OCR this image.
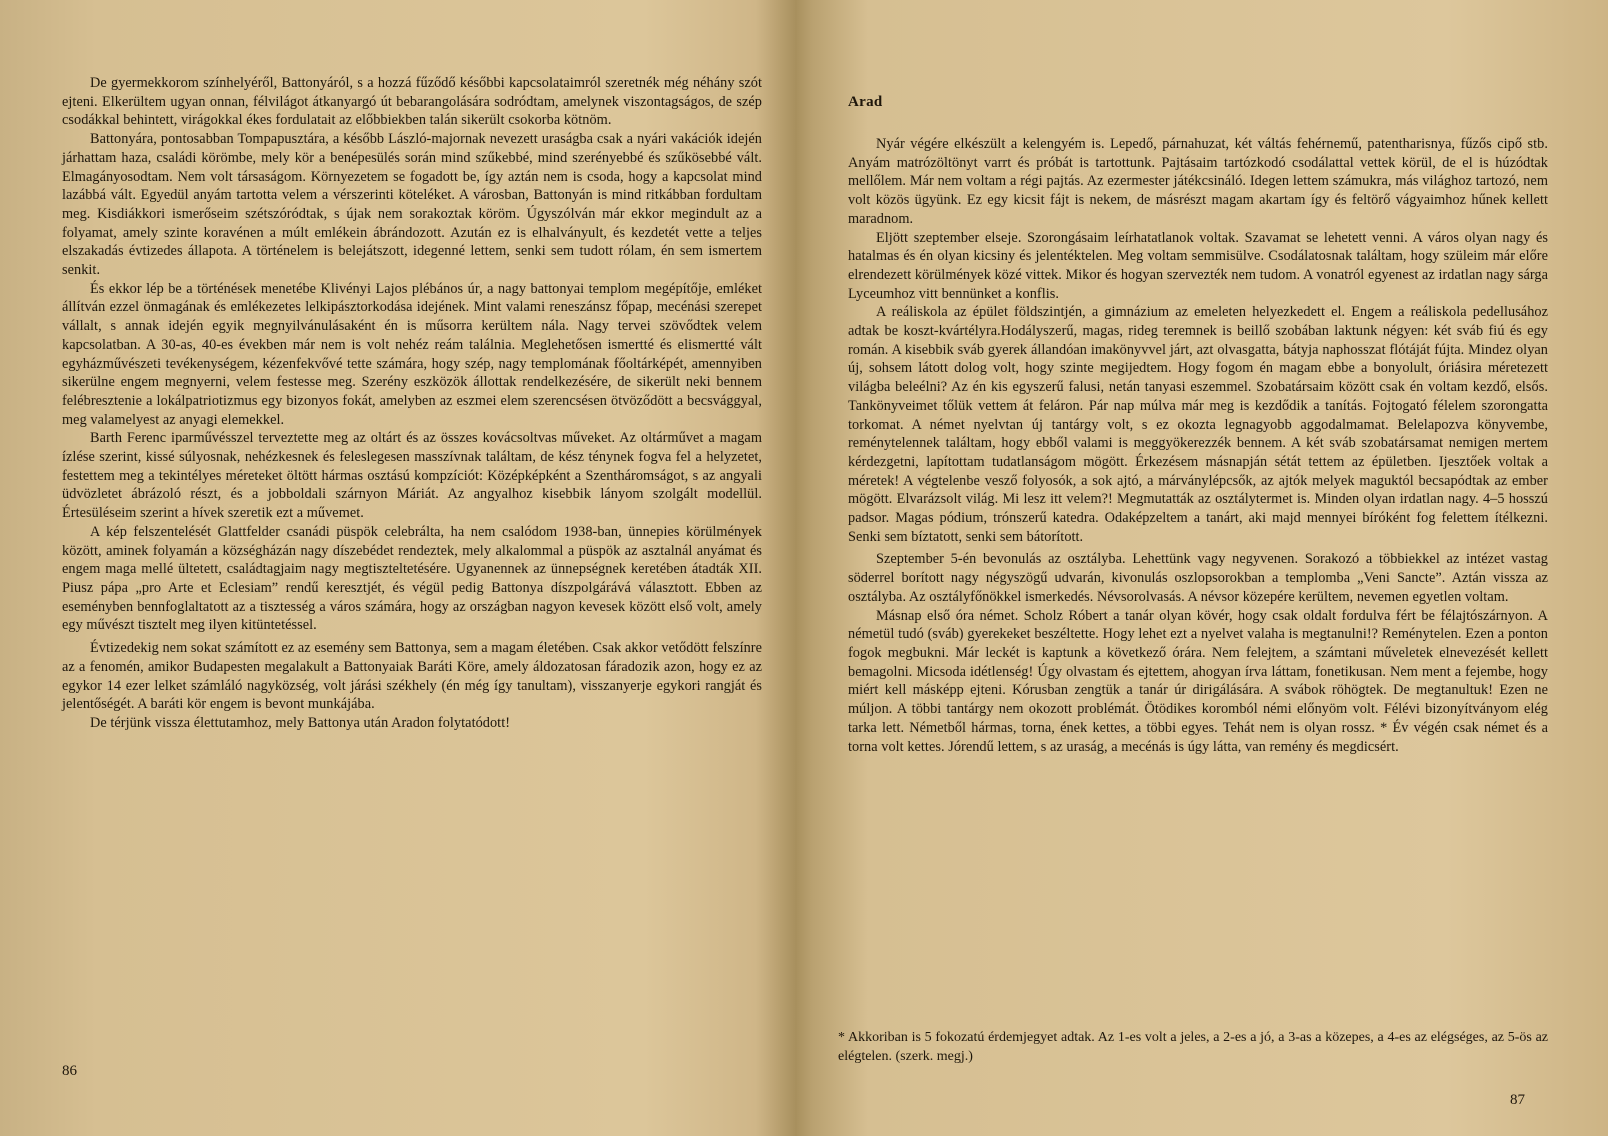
De gyermekkorom színhelyéről, Battonyáról, s a hozzá fűződő későbbi kapcsolataimról szeretnék még néhány szót ejteni. Elkerültem ugyan onnan, félvilágot átkanyargó út bebarangolására sodródtam, amelynek viszontagságos, de szép csodákkal behintett, virágokkal ékes fordulatait az előbbiekben talán sikerült csokorba kötnöm.

Battonyára, pontosabban Tompapusztára, a később László-majornak nevezett uraságba csak a nyári vakációk idején járhattam haza, családi körömbe, mely kör a benépesülés során mind szűkebbé, mind szerényebbé és szűkösebbé vált. Elmagányosodtam. Nem volt társaságom. Környezetem se fogadott be, így aztán nem is csoda, hogy a kapcsolat mind lazábbá vált. Egyedül anyám tartotta velem a vérszerinti köteléket. A városban, Battonyán is mind ritkábban fordultam meg. Kisdiákkori ismerőseim szétszóródtak, s újak nem sorakoztak köröm. Úgyszólván már ekkor megindult az a folyamat, amely szinte koravénen a múlt emlékein ábrándozott. Azután ez is elhalványult, és kezdetét vette a teljes elszakadás évtizedes állapota. A történelem is belejátszott, idegenné lettem, senki sem tudott rólam, én sem ismertem senkit.

És ekkor lép be a történések menetébe Klivényi Lajos plébános úr, a nagy battonyai templom megépítője, emléket állítván ezzel önmagának és emlékezetes lelkipásztorkodása idejének. Mint valami reneszánsz főpap, mecénási szerepet vállalt, s annak idején egyik megnyilvánulásaként én is műsorra kerültem nála. Nagy tervei szövődtek velem kapcsolatban. A 30-as, 40-es években már nem is volt nehéz reám találnia. Meglehetősen ismertté és elismertté vált egyházművészeti tevékenységem, kézenfekvővé tette számára, hogy szép, nagy templomának főoltárképét, amennyiben sikerülne engem megnyerni, velem festesse meg. Szerény eszközök állottak rendelkezésére, de sikerült neki bennem felébresztenie a lokálpatriotizmus egy bizonyos fokát, amelyben az eszmei elem szerencsésen ötvöződött a becsvággyal, meg valamelyest az anyagi elemekkel.

Barth Ferenc iparművésszel terveztette meg az oltárt és az összes kovácsoltvas műveket. Az oltárművet a magam ízlése szerint, kissé súlyosnak, nehézkesnek és feleslegesen masszívnak találtam, de kész ténynek fogva fel a helyzetet, festettem meg a tekintélyes méreteket öltött hármas osztású kompzíciót: Középképként a Szentháromságot, s az angyali üdvözletet ábrázoló részt, és a jobboldali szárnyon Máriát. Az angyalhoz kisebbik lányom szolgált modellül. Értesüléseim szerint a hívek szeretik ezt a művemet.

A kép felszentelését Glattfelder csanádi püspök celebrálta, ha nem csalódom 1938-ban, ünnepies körülmények között, aminek folyamán a községházán nagy díszebédet rendeztek, mely alkalommal a püspök az asztalnál anyámat és engem maga mellé ültetett, családtagjaim nagy megtiszteltetésére. Ugyanennek az ünnepségnek keretében átadták XII. Piusz pápa „pro Arte et Eclesiam” rendű keresztjét, és végül pedig Battonya díszpolgárává választott. Ebben az eseményben bennfoglaltatott az a tisztesség a város számára, hogy az országban nagyon kevesek között első volt, amely egy művészt tisztelt meg ilyen kitüntetéssel.

Évtizedekig nem sokat számított ez az esemény sem Battonya, sem a magam életében. Csak akkor vetődött felszínre az a fenomén, amikor Budapesten megalakult a Battonyaiak Baráti Köre, amely áldozatosan fáradozik azon, hogy ez az egykor 14 ezer lelket számláló nagyközség, volt járási székhely (én még így tanultam), visszanyerje egykori rangját és jelentőségét. A baráti kör engem is bevont munkájába.

De térjünk vissza élettutamhoz, mely Battonya után Aradon folytatódott!

86
Arad

Nyár végére elkészült a kelengyém is. Lepedő, párnahuzat, két váltás fehérnemű, patentharisnya, fűzős cipő stb. Anyám matrózöltönyt varrt és próbát is tartottunk. Pajtásaim tartózkodó csodálattal vettek körül, de el is húzódtak mellőlem. Már nem voltam a régi pajtás. Az ezermester játékcsináló. Idegen lettem számukra, más világhoz tartozó, nem volt közös ügyünk. Ez egy kicsit fájt is nekem, de másrészt magam akartam így és feltörő vágyaimhoz hűnek kellett maradnom.

Eljött szeptember elseje. Szorongásaim leírhatatlanok voltak. Szavamat se lehetett venni. A város olyan nagy és hatalmas és én olyan kicsiny és jelentéktelen. Meg voltam semmisülve. Csodálatosnak találtam, hogy szüleim már előre elrendezett körülmények közé vittek. Mikor és hogyan szervezték nem tudom. A vonatról egyenest az irdatlan nagy sárga Lyceumhoz vitt bennünket a konflis.

A reáliskola az épület földszintjén, a gimnázium az emeleten helyezkedett el. Engem a reáliskola pedellusához adtak be koszt-kvártélyra.Hodályszerű, magas, rideg teremnek is beillő szobában laktunk négyen: két sváb fiú és egy román. A kisebbik sváb gyerek állandóan imakönyvvel járt, azt olvasgatta, bátyja naphosszat flótáját fújta. Mindez olyan új, sohsem látott dolog volt, hogy szinte megijedtem. Hogy fogom én magam ebbe a bonyolult, óriásira méretezett világba beleélni? Az én kis egyszerű falusi, netán tanyasi eszemmel. Szobatársaim között csak én voltam kezdő, elsős. Tankönyveimet tőlük vettem át feláron. Pár nap múlva már meg is kezdődik a tanítás. Fojtogató félelem szorongatta torkomat. A német nyelvtan új tantárgy volt, s ez okozta legnagyobb aggodalmamat. Belelapozva könyvembe, reménytelennek találtam, hogy ebből valami is meggyökerezzék bennem. A két sváb szobatársamat nemigen mertem kérdezgetni, lapítottam tudatlanságom mögött. Érkezésem másnapján sétát tettem az épületben. Ijesztőek voltak a méretek! A végtelenbe vesző folyosók, a sok ajtó, a márványlépcsők, az ajtók melyek maguktól becsapódtak az ember mögött. Elvarázsolt világ. Mi lesz itt velem?! Megmutatták az osztálytermet is. Minden olyan irdatlan nagy. 4–5 hosszú padsor. Magas pódium, trónszerű katedra. Odaképzeltem a tanárt, aki majd mennyei bíróként fog felettem ítélkezni. Senki sem bíztatott, senki sem bátorított.

Szeptember 5-én bevonulás az osztályba. Lehettünk vagy negyvenen. Sorakozó a többiekkel az intézet vastag söderrel borított nagy négyszögű udvarán, kivonulás oszlopsorokban a templomba „Veni Sancte”. Aztán vissza az osztályba. Az osztályfőnökkel ismerkedés. Névsorolvasás. A névsor közepére kerültem, nevemen egyetlen voltam.

Másnap első óra német. Scholz Róbert a tanár olyan kövér, hogy csak oldalt fordulva fért be félajtószárnyon. A németül tudó (sváb) gyerekeket beszéltette. Hogy lehet ezt a nyelvet valaha is megtanulni!? Reménytelen. Ezen a ponton fogok megbukni. Már leckét is kaptunk a következő órára. Nem felejtem, a számtani műveletek elnevezését kellett bemagolni. Micsoda idétlenség! Úgy olvastam és ejtettem, ahogyan írva láttam, fonetikusan. Nem ment a fejembe, hogy miért kell másképp ejteni. Kórusban zengtük a tanár úr dirigálására. A svábok röhögtek. De megtanultuk! Ezen ne múljon. A többi tantárgy nem okozott problémát. Ötödikes koromból némi előnyöm volt. Félévi bizonyítványom elég tarka lett. Németből hármas, torna, ének kettes, a többi egyes. Tehát nem is olyan rossz. * Év végén csak német és a torna volt kettes. Jórendű lettem, s az uraság, a mecénás is úgy látta, van remény és megdicsért.

* Akkoriban is 5 fokozatú érdemjegyet adtak. Az 1-es volt a jeles, a 2-es a jó, a 3-as a közepes, a 4-es az elégséges, az 5-ös az elégtelen. (szerk. megj.)

87
